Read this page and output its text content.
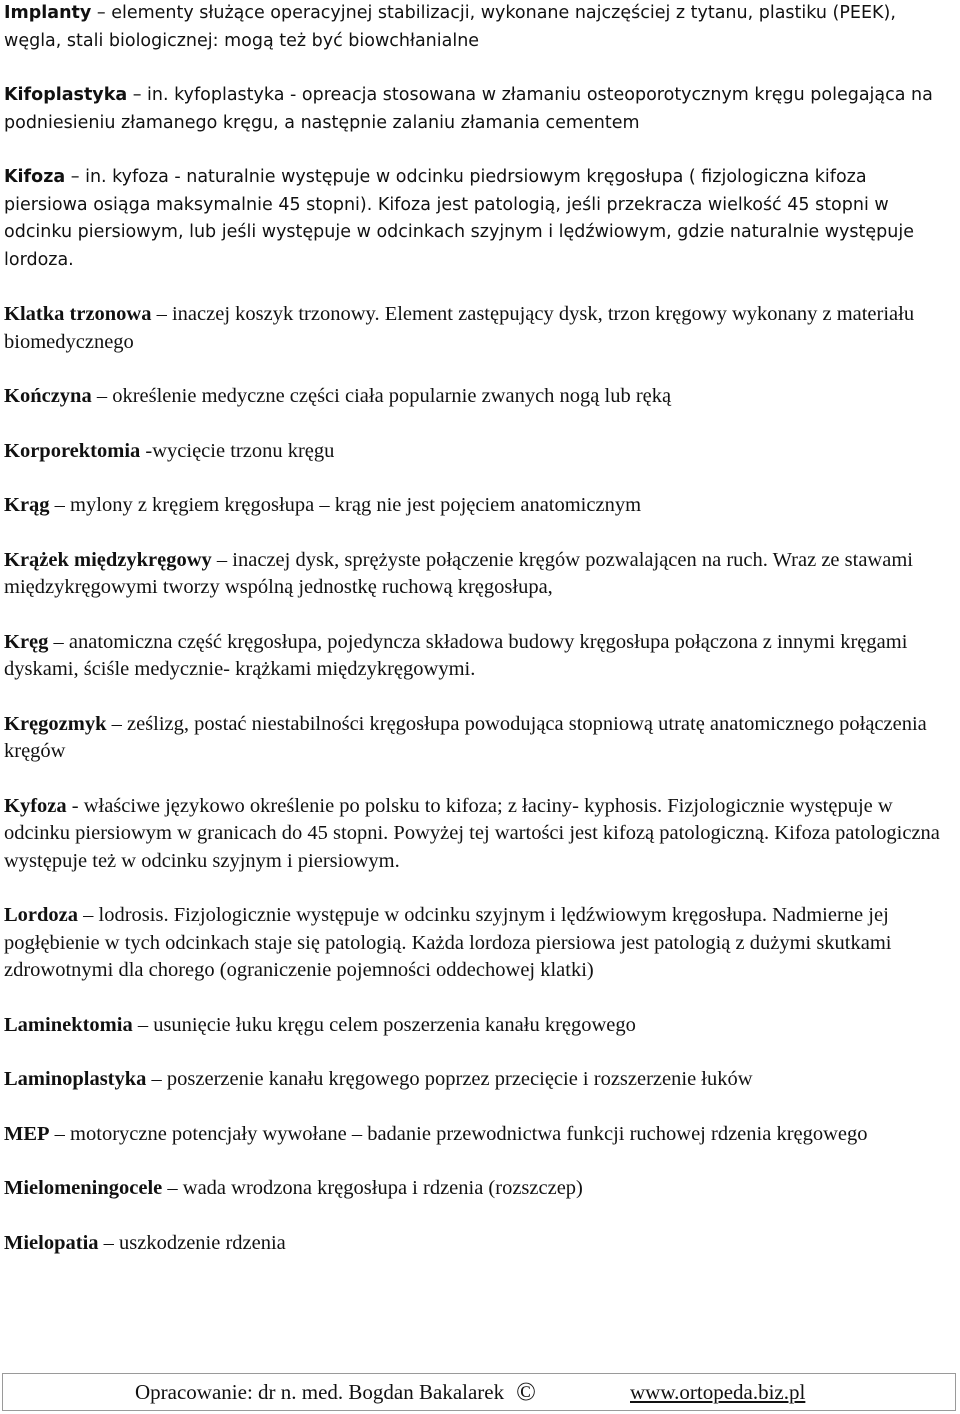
Implanty – elementy służące operacyjnej stabilizacji, wykonane najczęściej z tytanu, plastiku (PEEK), węgla, stali biologicznej: mogą też być biowchłanialne

Kifoplastyka – in. kyfoplastyka - opreacja stosowana w złamaniu osteoporotycznym kręgu polegająca na podniesieniu złamanego kręgu, a następnie zalaniu złamania cementem

Kifoza – in. kyfoza - naturalnie występuje w odcinku piedrsiowym kręgosłupa ( fizjologiczna kifoza piersiowa osiąga maksymalnie 45 stopni). Kifoza jest patologią, jeśli przekracza wielkość 45 stopni w odcinku piersiowym, lub jeśli występuje w odcinkach szyjnym i lędźwiowym, gdzie naturalnie występuje lordoza.

Klatka trzonowa – inaczej koszyk trzonowy. Element zastępujący dysk, trzon kręgowy wykonany z materiału biomedycznego

Kończyna – określenie medyczne części ciała popularnie zwanych nogą lub ręką

Korporektomia -wycięcie trzonu kręgu

Krąg – mylony z kręgiem kręgosłupa – krąg nie jest pojęciem anatomicznym

Krążek międzykręgowy – inaczej dysk, sprężyste połączenie kręgów pozwalającen na ruch. Wraz ze stawami międzykręgowymi tworzy wspólną jednostkę ruchową kręgosłupa,

Kręg – anatomiczna część kręgosłupa, pojedyncza składowa budowy kręgosłupa połączona z innymi kręgami dyskami, ściśle medycznie- krążkami międzykręgowymi.

Kręgozmyk – ześlizg, postać niestabilności kręgosłupa powodująca stopniową utratę anatomicznego połączenia kręgów

Kyfoza - właściwe językowo określenie po polsku to kifoza; z łaciny- kyphosis. Fizjologicznie występuje w odcinku piersiowym w granicach do 45 stopni. Powyżej tej wartości jest kifozą patologiczną. Kifoza patologiczna występuje też w odcinku szyjnym i piersiowym.

Lordoza – lodrosis. Fizjologicznie występuje w odcinku szyjnym i lędźwiowym kręgosłupa. Nadmierne jej pogłębienie w tych odcinkach staje się patologią. Każda lordoza piersiowa jest patologią z dużymi skutkami zdrowotnymi dla chorego (ograniczenie pojemności oddechowej klatki)

Laminektomia – usunięcie łuku kręgu celem poszerzenia kanału kręgowego

Laminoplastyka – poszerzenie kanału kręgowego poprzez przecięcie i rozszerzenie łuków

MEP – motoryczne potencjały wywołane – badanie przewodnictwa funkcji ruchowej rdzenia kręgowego

Mielomeningocele – wada wrodzona kręgosłupa i rdzenia (rozszczep)

Mielopatia – uszkodzenie rdzenia

Opracowanie: dr n. med. Bogdan Bakalarek ©	www.ortopeda.biz.pl
